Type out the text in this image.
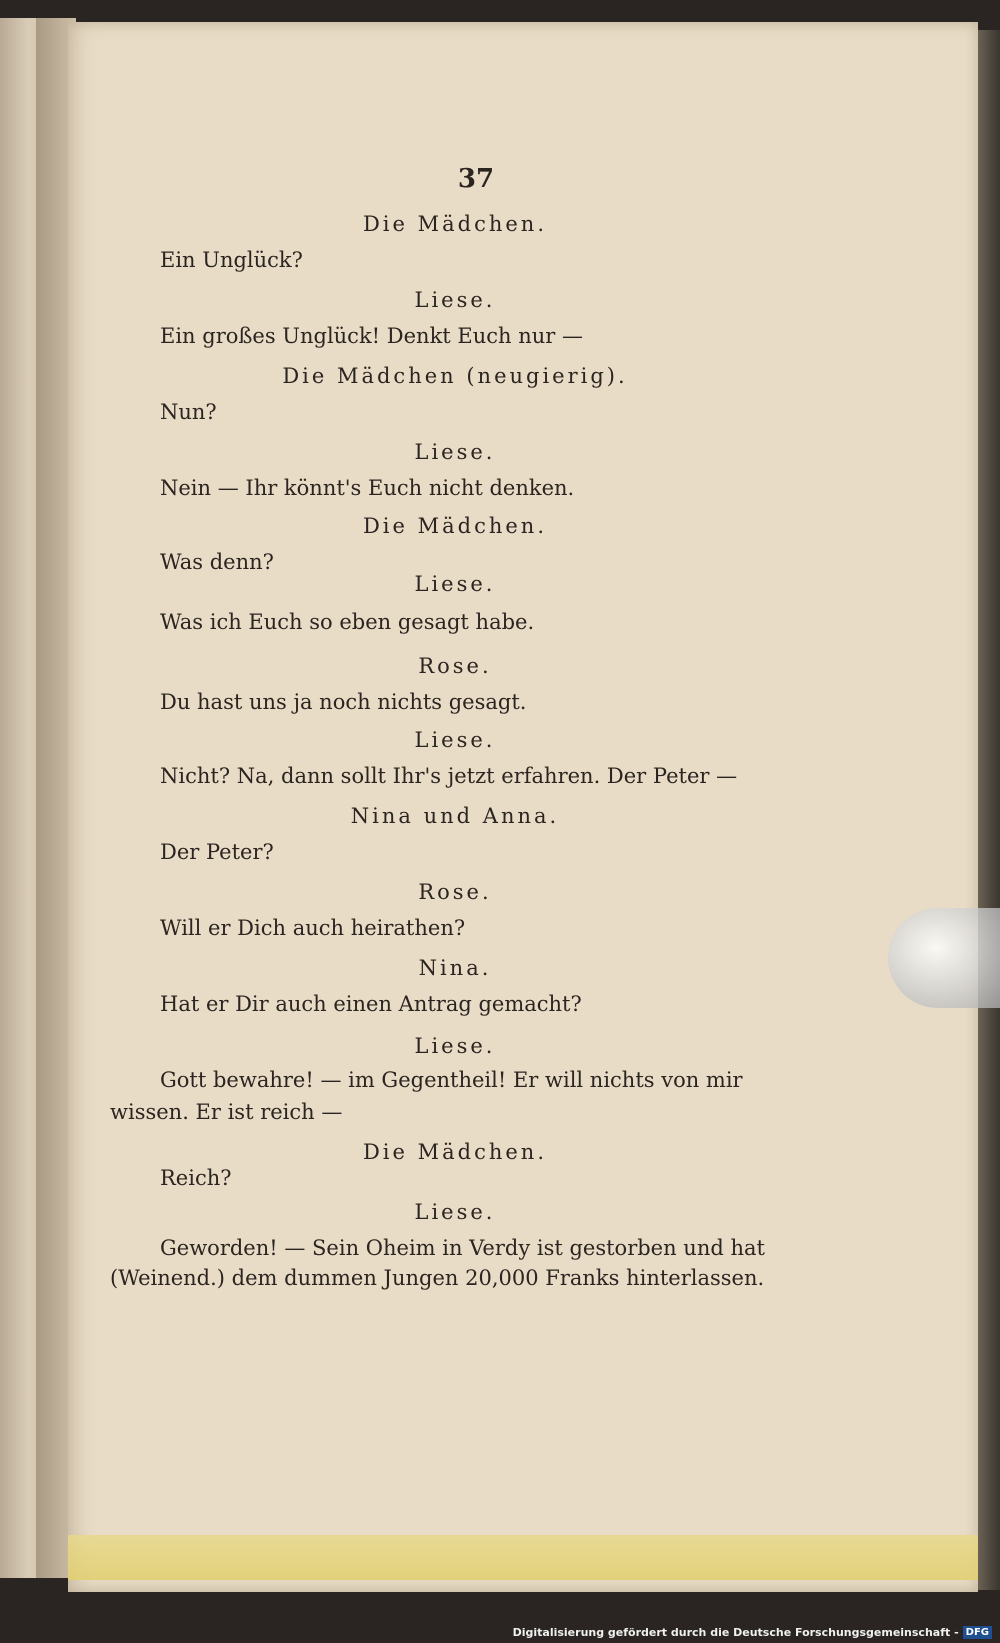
37
Die Mädchen.
Ein Unglück?
Liese.
Ein großes Unglück! Denkt Euch nur —
Die Mädchen (neugierig).
Nun?
Liese.
Nein — Ihr könnt's Euch nicht denken.
Die Mädchen.
Was denn?
Liese.
Was ich Euch so eben gesagt habe.
Rose.
Du hast uns ja noch nichts gesagt.
Liese.
Nicht? Na, dann sollt Ihr's jetzt erfahren. Der Peter —
Nina und Anna.
Der Peter?
Rose.
Will er Dich auch heirathen?
Nina.
Hat er Dir auch einen Antrag gemacht?
Liese.
Gott bewahre! — im Gegentheil! Er will nichts von mir
wissen. Er ist reich —
Die Mädchen.
Reich?
Liese.
Geworden! — Sein Oheim in Verdy ist gestorben und hat
(Weinend.) dem dummen Jungen 20,000 Franks hinterlassen.
Digitalisierung gefördert durch die Deutsche Forschungsgemeinschaft - DFG
